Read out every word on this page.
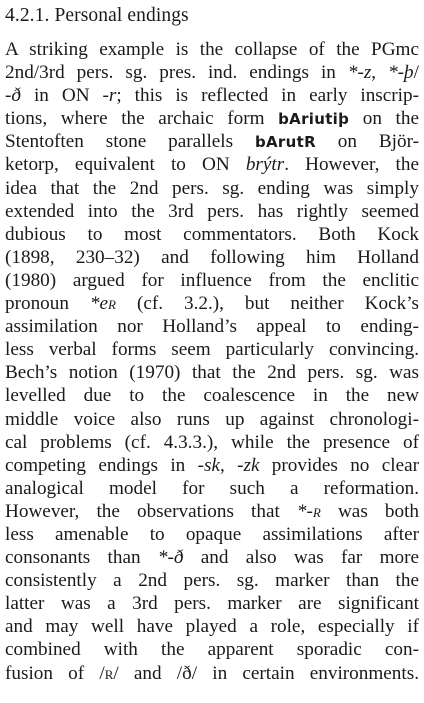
4.2.1. Personal endings
A striking example is the collapse of the PGmc
2nd/3rd pers. sg. pres. ind. endings in *-z, *-þ/
-ð in ON -r; this is reflected in early inscrip-
tions, where the archaic form bAriutiþ on the
Stentoften stone parallels bArutR on Björ-
ketorp, equivalent to ON brýtr. However, the
idea that the 2nd pers. sg. ending was simply
extended into the 3rd pers. has rightly seemed
dubious to most commentators. Both Kock
(1898, 230–32) and following him Holland
(1980) argued for influence from the enclitic
pronoun *er (cf. 3.2.), but neither Kock’s
assimilation nor Holland’s appeal to ending-
less verbal forms seem particularly convincing.
Bech’s notion (1970) that the 2nd pers. sg. was
levelled due to the coalescence in the new
middle voice also runs up against chronologi-
cal problems (cf. 4.3.3.), while the presence of
competing endings in -sk, -zk provides no clear
analogical model for such a reformation.
However, the observations that *-r was both
less amenable to opaque assimilations after
consonants than *-ð and also was far more
consistently a 2nd pers. sg. marker than the
latter was a 3rd pers. marker are significant
and may well have played a role, especially if
combined with the apparent sporadic con-
fusion of /r/ and /ð/ in certain environments.
